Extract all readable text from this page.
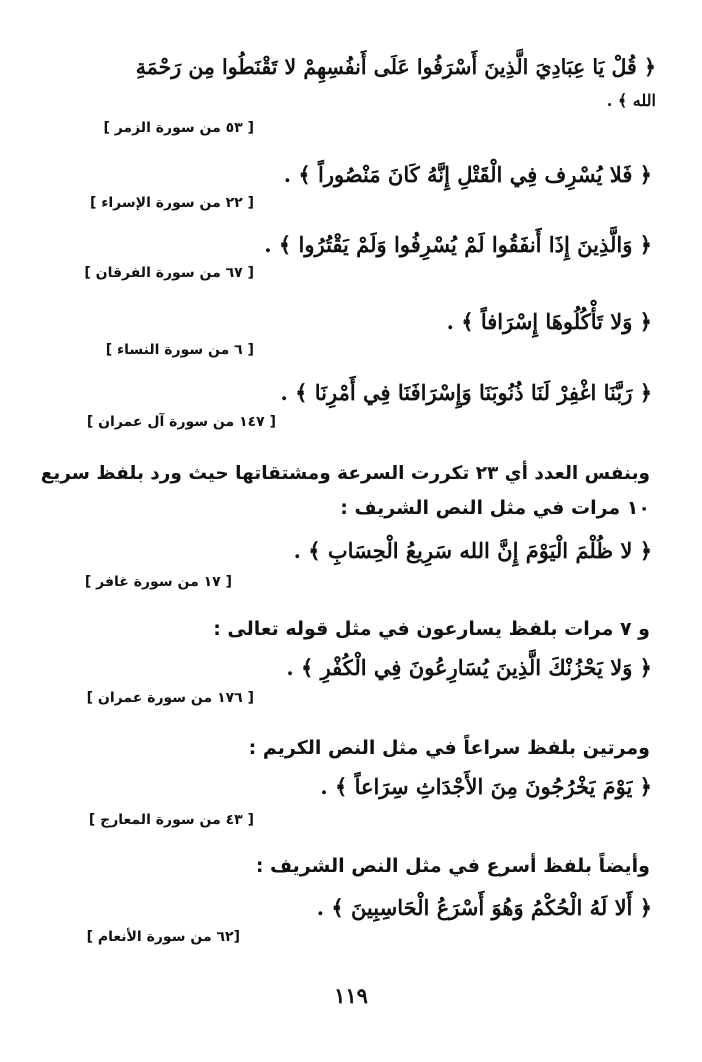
﴿ قُلْ يَا عِبَادِيَ الَّذِينَ أَسْرَفُوا عَلَى أَنفُسِهِمْ لا تَقْنَطُوا مِن رَحْمَةِ
الله ﴾ .
[ ٥٣ من سورة الزمر ]
﴿ فَلا يُسْرِف فِي الْقَتْلِ إِنَّهُ كَانَ مَنْصُوراً ﴾ .
[ ٢٢ من سورة الإسراء ]
﴿ وَالَّذِينَ إِذَا أَنفَقُوا لَمْ يُسْرِفُوا وَلَمْ يَقْتُرُوا ﴾ .
[ ٦٧ من سورة الفرقان ]
﴿ وَلا تَأْكُلُوهَا إِسْرَافاً ﴾ .
[ ٦ من سورة النساء ]
﴿ رَبَّنَا اغْفِرْ لَنَا ذُنُوبَنَا وَإِسْرَافَنَا فِي أَمْرِنَا ﴾ .
[ ١٤٧ من سورة آل عمران ]
وبنفس العدد أي ٢٣ تكررت السرعة ومشتقاتها حيث ورد بلفظ سريع
١٠ مرات في مثل النص الشريف :
﴿ لا ظُلْمَ الْيَوْمَ إِنَّ الله سَرِيعُ الْحِسَابِ ﴾ .
[ ١٧ من سورة غافر ]
و ٧ مرات بلفظ يسارعون في مثل قوله تعالى :
﴿ وَلا يَحْزُنْكَ الَّذِينَ يُسَارِعُونَ فِي الْكُفْرِ ﴾ .
[ ١٧٦ من سورة عمران ]
ومرتين بلفظ سراعاً في مثل النص الكريم :
﴿ يَوْمَ يَخْرُجُونَ مِنَ الأَجْدَاثِ سِرَاعاً ﴾ .
[ ٤٣ من سورة المعارج ]
وأيضاً بلفظ أسرع في مثل النص الشريف :
﴿ أَلا لَهُ الْحُكْمُ وَهُوَ أَسْرَعُ الْحَاسِبِينَ ﴾ .
[٦٢ من سورة الأنعام ]
١١٩
